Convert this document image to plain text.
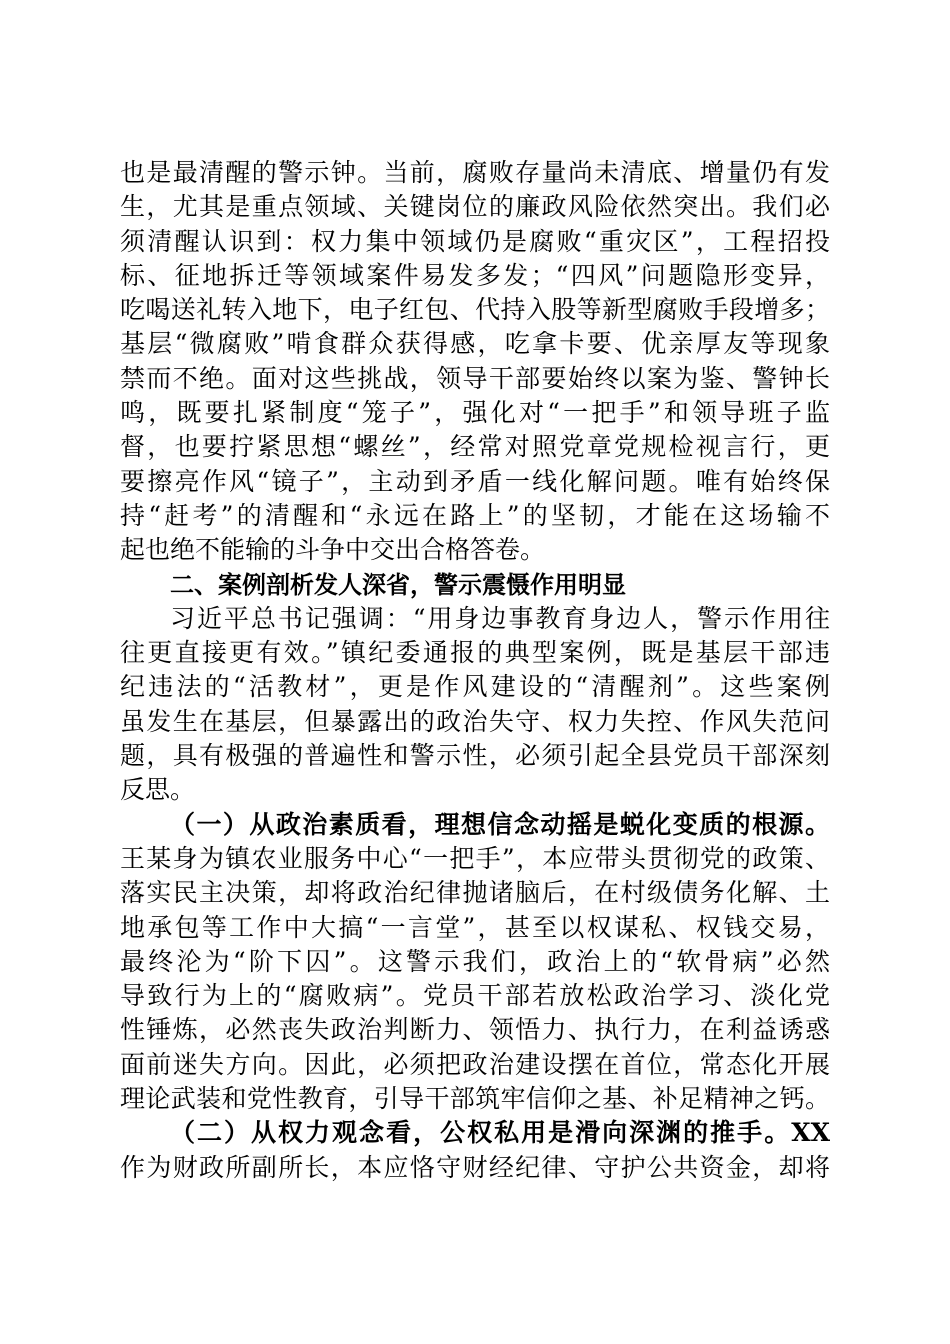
也是最清醒的警示钟。当前，腐败存量尚未清底、增量仍有发
生，尤其是重点领域、关键岗位的廉政风险依然突出。我们必
须清醒认识到：权力集中领域仍是腐败“重灾区”，工程招投
标、征地拆迁等领域案件易发多发；“四风”问题隐形变异，
吃喝送礼转入地下，电子红包、代持入股等新型腐败手段增多；
基层“微腐败”啃食群众获得感，吃拿卡要、优亲厚友等现象
禁而不绝。面对这些挑战，领导干部要始终以案为鉴、警钟长
鸣，既要扎紧制度“笼子”，强化对“一把手”和领导班子监
督，也要拧紧思想“螺丝”，经常对照党章党规检视言行，更
要擦亮作风“镜子”，主动到矛盾一线化解问题。唯有始终保
持“赶考”的清醒和“永远在路上”的坚韧，才能在这场输不
起也绝不能输的斗争中交出合格答卷。
二、案例剖析发人深省，警示震慑作用明显
习近平总书记强调：“用身边事教育身边人，警示作用往
往更直接更有效。”镇纪委通报的典型案例，既是基层干部违
纪违法的“活教材”，更是作风建设的“清醒剂”。这些案例
虽发生在基层，但暴露出的政治失守、权力失控、作风失范问
题，具有极强的普遍性和警示性，必须引起全县党员干部深刻
反思。
（一）从政治素质看，理想信念动摇是蜕化变质的根源。
王某身为镇农业服务中心“一把手”，本应带头贯彻党的政策、
落实民主决策，却将政治纪律抛诸脑后，在村级债务化解、土
地承包等工作中大搞“一言堂”，甚至以权谋私、权钱交易，
最终沦为“阶下囚”。这警示我们，政治上的“软骨病”必然
导致行为上的“腐败病”。党员干部若放松政治学习、淡化党
性锤炼，必然丧失政治判断力、领悟力、执行力，在利益诱惑
面前迷失方向。因此，必须把政治建设摆在首位，常态化开展
理论武装和党性教育，引导干部筑牢信仰之基、补足精神之钙。
（二）从权力观念看，公权私用是滑向深渊的推手。XX
作为财政所副所长，本应恪守财经纪律、守护公共资金，却将
